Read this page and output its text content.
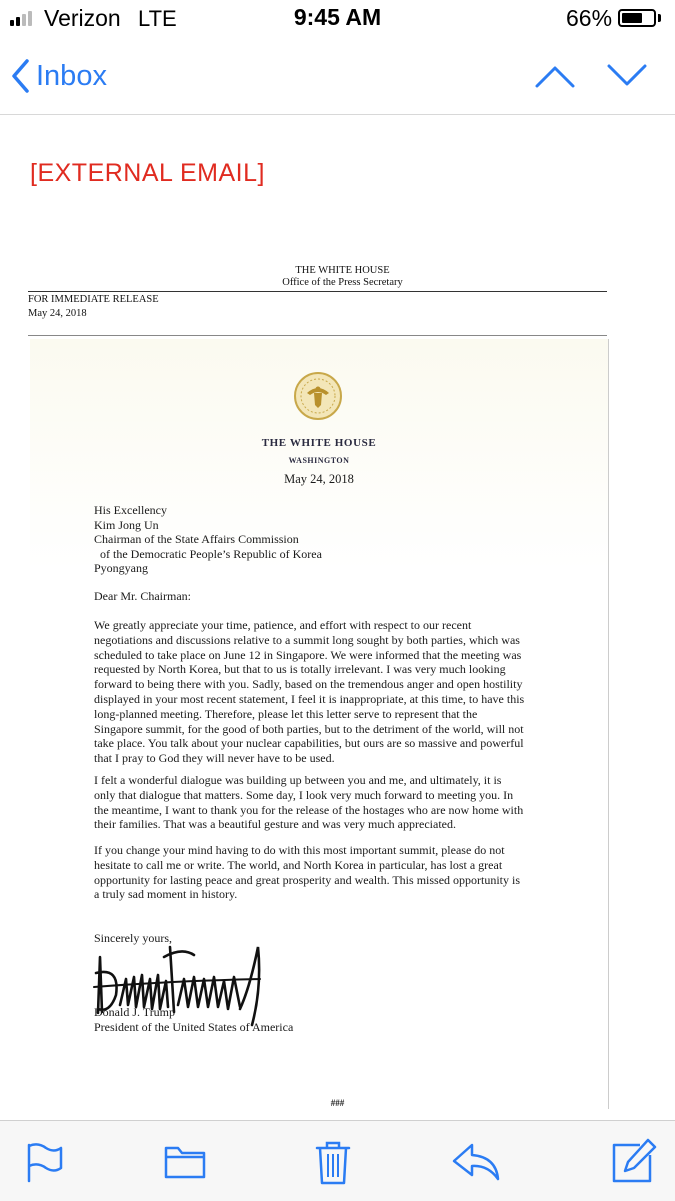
Verizon LTE	9:45 AM	66%
Inbox
[EXTERNAL EMAIL]
THE WHITE HOUSE
Office of the Press Secretary
FOR IMMEDIATE RELEASE
May 24, 2018
THE WHITE HOUSE
WASHINGTON
May 24, 2018
His Excellency
Kim Jong Un
Chairman of the State Affairs Commission
of the Democratic People’s Republic of Korea
Pyongyang
Dear Mr. Chairman:
We greatly appreciate your time, patience, and effort with respect to our recent
negotiations and discussions relative to a summit long sought by both parties, which was
scheduled to take place on June 12 in Singapore. We were informed that the meeting was
requested by North Korea, but that to us is totally irrelevant. I was very much looking
forward to being there with you. Sadly, based on the tremendous anger and open hostility
displayed in your most recent statement, I feel it is inappropriate, at this time, to have this
long-planned meeting. Therefore, please let this letter serve to represent that the
Singapore summit, for the good of both parties, but to the detriment of the world, will not
take place. You talk about your nuclear capabilities, but ours are so massive and powerful
that I pray to God they will never have to be used.
I felt a wonderful dialogue was building up between you and me, and ultimately, it is
only that dialogue that matters. Some day, I look very much forward to meeting you. In
the meantime, I want to thank you for the release of the hostages who are now home with
their families. That was a beautiful gesture and was very much appreciated.
If you change your mind having to do with this most important summit, please do not
hesitate to call me or write. The world, and North Korea in particular, has lost a great
opportunity for lasting peace and great prosperity and wealth. This missed opportunity is
a truly sad moment in history.
Sincerely yours,
Donald J. Trump
President of the United States of America
###
